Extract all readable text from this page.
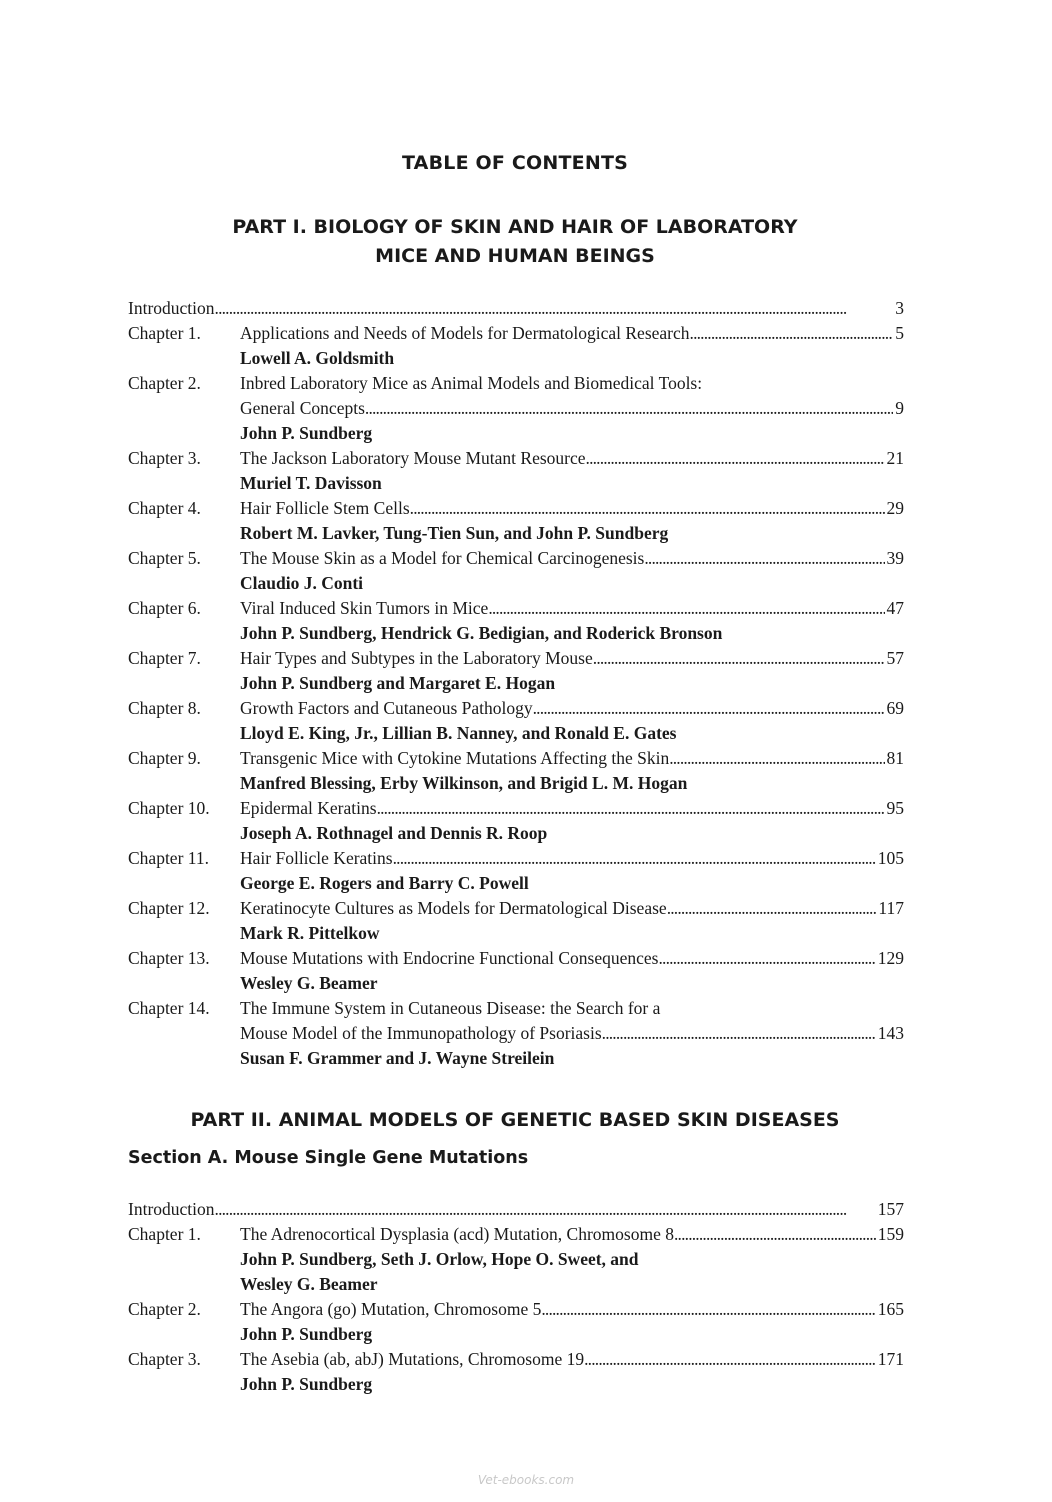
TABLE OF CONTENTS
PART I. BIOLOGY OF SKIN AND HAIR OF LABORATORY
MICE AND HUMAN BEINGS
Introduction . . .	3
Chapter 1. Applications and Needs of Models for Dermatological Research . . .	5
Lowell A. Goldsmith
Chapter 2. Inbred Laboratory Mice as Animal Models and Biomedical Tools:
General Concepts . . .	9
John P. Sundberg
Chapter 3. The Jackson Laboratory Mouse Mutant Resource . . .	21
Muriel T. Davisson
Chapter 4. Hair Follicle Stem Cells . . .	29
Robert M. Lavker, Tung-Tien Sun, and John P. Sundberg
Chapter 5. The Mouse Skin as a Model for Chemical Carcinogenesis . . .	39
Claudio J. Conti
Chapter 6. Viral Induced Skin Tumors in Mice . . .	47
John P. Sundberg, Hendrick G. Bedigian, and Roderick Bronson
Chapter 7. Hair Types and Subtypes in the Laboratory Mouse . . .	57
John P. Sundberg and Margaret E. Hogan
Chapter 8. Growth Factors and Cutaneous Pathology . . .	69
Lloyd E. King, Jr., Lillian B. Nanney, and Ronald E. Gates
Chapter 9. Transgenic Mice with Cytokine Mutations Affecting the Skin . . .	81
Manfred Blessing, Erby Wilkinson, and Brigid L. M. Hogan
Chapter 10. Epidermal Keratins . . .	95
Joseph A. Rothnagel and Dennis R. Roop
Chapter 11. Hair Follicle Keratins . . .	105
George E. Rogers and Barry C. Powell
Chapter 12. Keratinocyte Cultures as Models for Dermatological Disease . . .	117
Mark R. Pittelkow
Chapter 13. Mouse Mutations with Endocrine Functional Consequences . . .	129
Wesley G. Beamer
Chapter 14. The Immune System in Cutaneous Disease: the Search for a
Mouse Model of the Immunopathology of Psoriasis . . .	143
Susan F. Grammer and J. Wayne Streilein
PART II. ANIMAL MODELS OF GENETIC BASED SKIN DISEASES
Section A. Mouse Single Gene Mutations
Introduction . . .	157
Chapter 1. The Adrenocortical Dysplasia (acd) Mutation, Chromosome 8 . . .	159
John P. Sundberg, Seth J. Orlow, Hope O. Sweet, and
Wesley G. Beamer
Chapter 2. The Angora (go) Mutation, Chromosome 5 . . .	165
John P. Sundberg
Chapter 3. The Asebia (ab, abJ) Mutations, Chromosome 19 . . .	171
John P. Sundberg
Vet-ebooks.com
